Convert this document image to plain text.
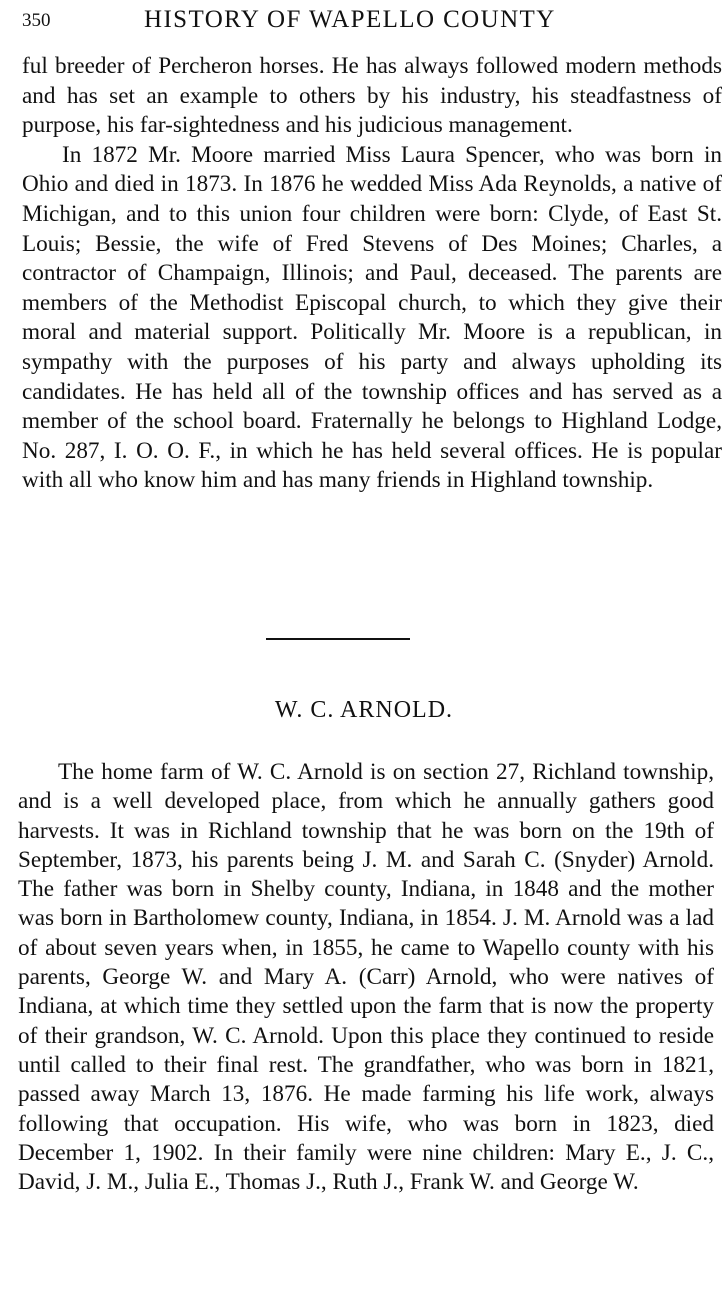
350	HISTORY OF WAPELLO COUNTY

ful breeder of Percheron horses. He has always followed modern methods and has set an example to others by his industry, his steadfastness of purpose, his far-sightedness and his judicious management.

In 1872 Mr. Moore married Miss Laura Spencer, who was born in Ohio and died in 1873. In 1876 he wedded Miss Ada Reynolds, a native of Michigan, and to this union four children were born: Clyde, of East St. Louis; Bessie, the wife of Fred Stevens of Des Moines; Charles, a contractor of Champaign, Illinois; and Paul, deceased. The parents are members of the Methodist Episcopal church, to which they give their moral and material support. Politically Mr. Moore is a republican, in sympathy with the purposes of his party and always upholding its candidates. He has held all of the township offices and has served as a member of the school board. Fraternally he belongs to Highland Lodge, No. 287, I. O. O. F., in which he has held several offices. He is popular with all who know him and has many friends in Highland township.

W. C. ARNOLD.

The home farm of W. C. Arnold is on section 27, Richland township, and is a well developed place, from which he annually gathers good harvests. It was in Richland township that he was born on the 19th of September, 1873, his parents being J. M. and Sarah C. (Snyder) Arnold. The father was born in Shelby county, Indiana, in 1848 and the mother was born in Bartholomew county, Indiana, in 1854. J. M. Arnold was a lad of about seven years when, in 1855, he came to Wapello county with his parents, George W. and Mary A. (Carr) Arnold, who were natives of Indiana, at which time they settled upon the farm that is now the property of their grandson, W. C. Arnold. Upon this place they continued to reside until called to their final rest. The grandfather, who was born in 1821, passed away March 13, 1876. He made farming his life work, always following that occupation. His wife, who was born in 1823, died December 1, 1902. In their family were nine children: Mary E., J. C., David, J. M., Julia E., Thomas J., Ruth J., Frank W. and George W.
